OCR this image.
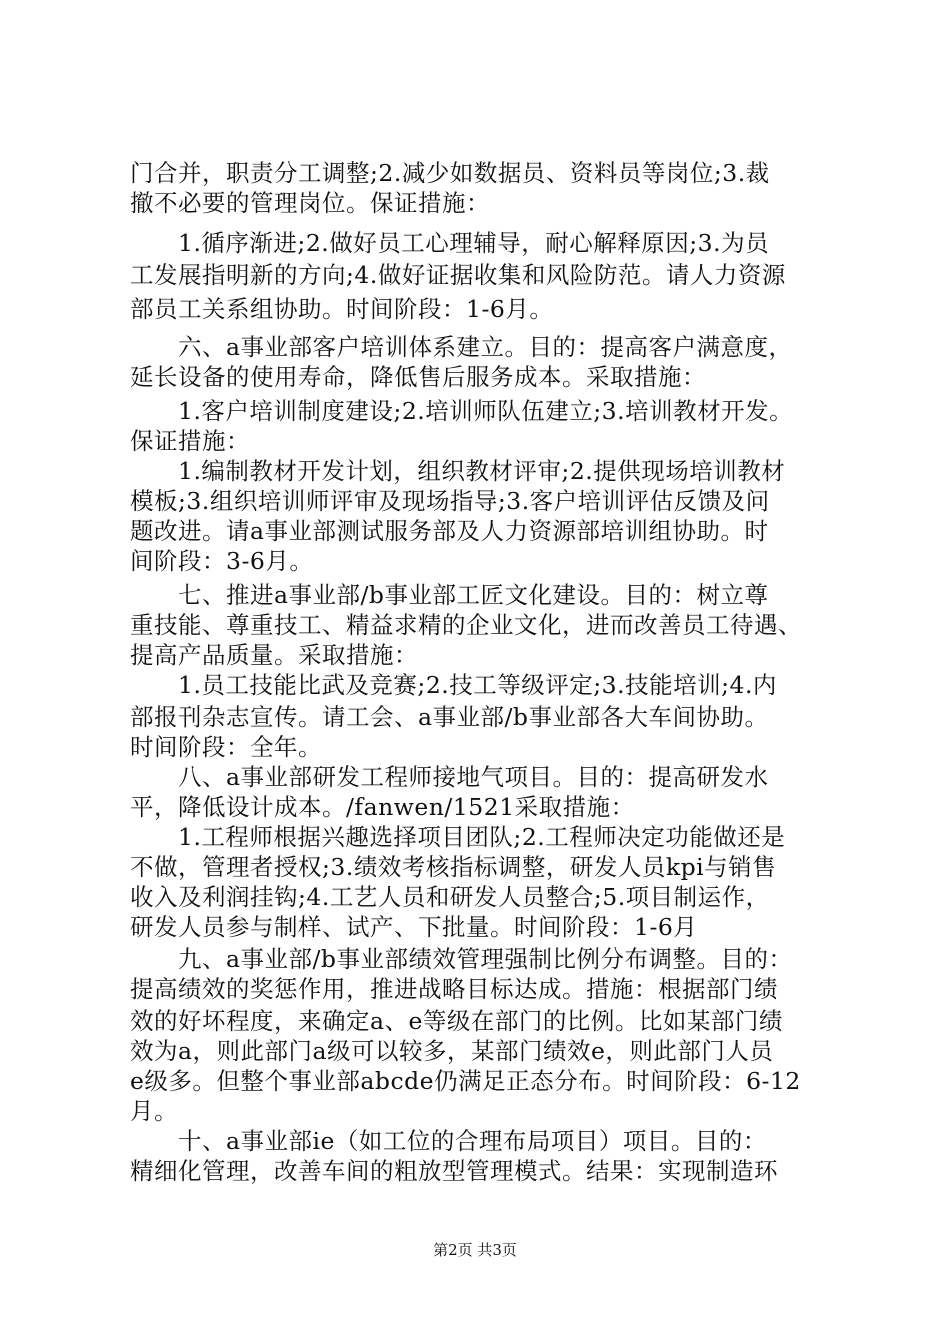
门合并，职责分工调整;2.减少如数据员、资料员等岗位;3.裁
撤不必要的管理岗位。保证措施：
1.循序渐进;2.做好员工心理辅导，耐心解释原因;3.为员
工发展指明新的方向;4.做好证据收集和风险防范。请人力资源
部员工关系组协助。时间阶段：1-6月。
六、a事业部客户培训体系建立。目的：提高客户满意度，
延长设备的使用寿命，降低售后服务成本。采取措施：
1.客户培训制度建设;2.培训师队伍建立;3.培训教材开发。
保证措施：
1.编制教材开发计划，组织教材评审;2.提供现场培训教材
模板;3.组织培训师评审及现场指导;3.客户培训评估反馈及问
题改进。请a事业部测试服务部及人力资源部培训组协助。时
间阶段：3-6月。
七、推进a事业部/b事业部工匠文化建设。目的：树立尊
重技能、尊重技工、精益求精的企业文化，进而改善员工待遇、
提高产品质量。采取措施：
1.员工技能比武及竞赛;2.技工等级评定;3.技能培训;4.内
部报刊杂志宣传。请工会、a事业部/b事业部各大车间协助。
时间阶段：全年。
八、a事业部研发工程师接地气项目。目的：提高研发水
平，降低设计成本。/fanwen/1521采取措施：
1.工程师根据兴趣选择项目团队;2.工程师决定功能做还是
不做，管理者授权;3.绩效考核指标调整，研发人员kpi与销售
收入及利润挂钩;4.工艺人员和研发人员整合;5.项目制运作，
研发人员参与制样、试产、下批量。时间阶段：1-6月
九、a事业部/b事业部绩效管理强制比例分布调整。目的：
提高绩效的奖惩作用，推进战略目标达成。措施：根据部门绩
效的好坏程度，来确定a、e等级在部门的比例。比如某部门绩
效为a，则此部门a级可以较多，某部门绩效e，则此部门人员
e级多。但整个事业部abcde仍满足正态分布。时间阶段：6-12
月。
十、a事业部ie（如工位的合理布局项目）项目。目的：
精细化管理，改善车间的粗放型管理模式。结果：实现制造环
第2页 共3页
